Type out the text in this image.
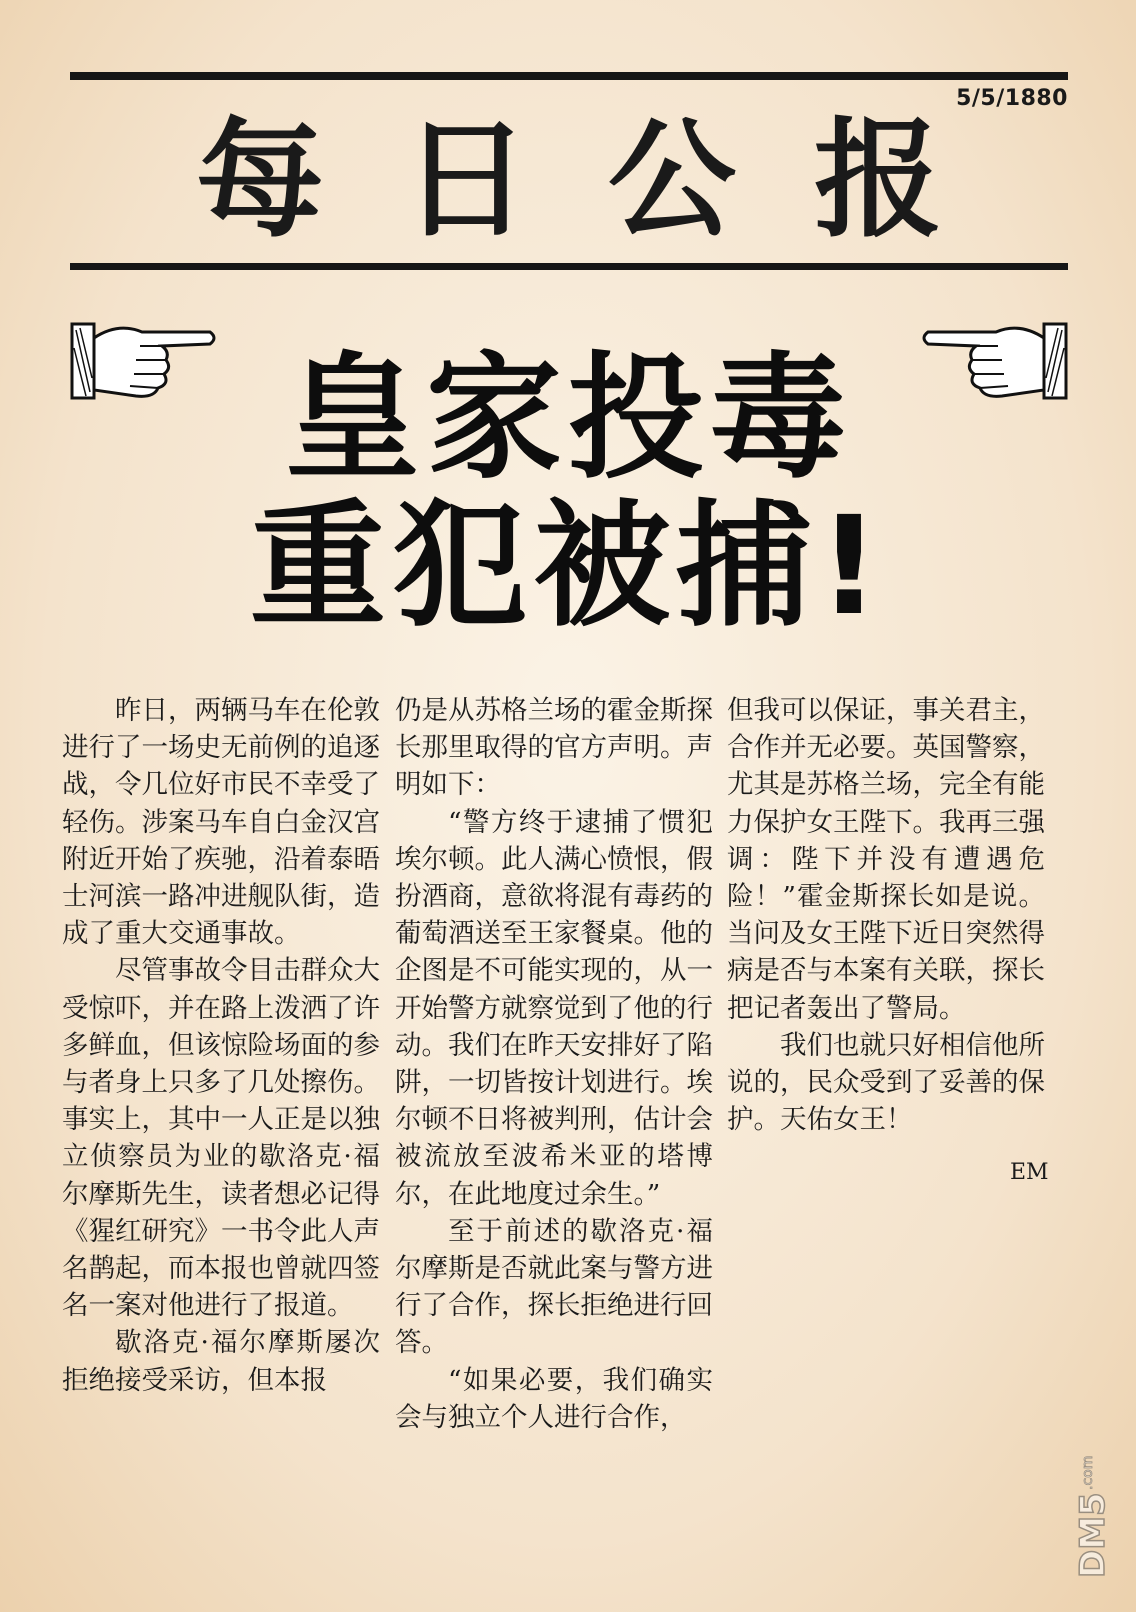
5/5/1880
每日公报
皇家投毒
重犯被捕!

昨日，两辆马车在伦敦进行了一场史无前例的追逐战，令几位好市民不幸受了轻伤。涉案马车自白金汉宫附近开始了疾驰，沿着泰晤士河滨一路冲进舰队街，造成了重大交通事故。

尽管事故令目击群众大受惊吓，并在路上泼洒了许多鲜血，但该惊险场面的参与者身上只多了几处擦伤。事实上，其中一人正是以独立侦察员为业的歇洛克·福尔摩斯先生，读者想必记得《猩红研究》一书令此人声名鹊起，而本报也曾就四签名一案对他进行了报道。

歇洛克·福尔摩斯屡次拒绝接受采访，但本报

仍是从苏格兰场的霍金斯探长那里取得的官方声明。声明如下：

“警方终于逮捕了惯犯埃尔顿。此人满心愤恨，假扮酒商，意欲将混有毒药的葡萄酒送至王家餐桌。他的企图是不可能实现的，从一开始警方就察觉到了他的行动。我们在昨天安排好了陷阱，一切皆按计划进行。埃尔顿不日将被判刑，估计会被流放至波希米亚的塔博尔，在此地度过余生。”

至于前述的歇洛克·福尔摩斯是否就此案与警方进行了合作，探长拒绝进行回答。

“如果必要，我们确实会与独立个人进行合作，

但我可以保证，事关君主，合作并无必要。英国警察，尤其是苏格兰场，完全有能力保护女王陛下。我再三强调：陛下并没有遭遇危险！”霍金斯探长如是说。当问及女王陛下近日突然得病是否与本案有关联，探长把记者轰出了警局。

我们也就只好相信他所说的，民众受到了妥善的保护。天佑女王！

EM
DM5
.com
